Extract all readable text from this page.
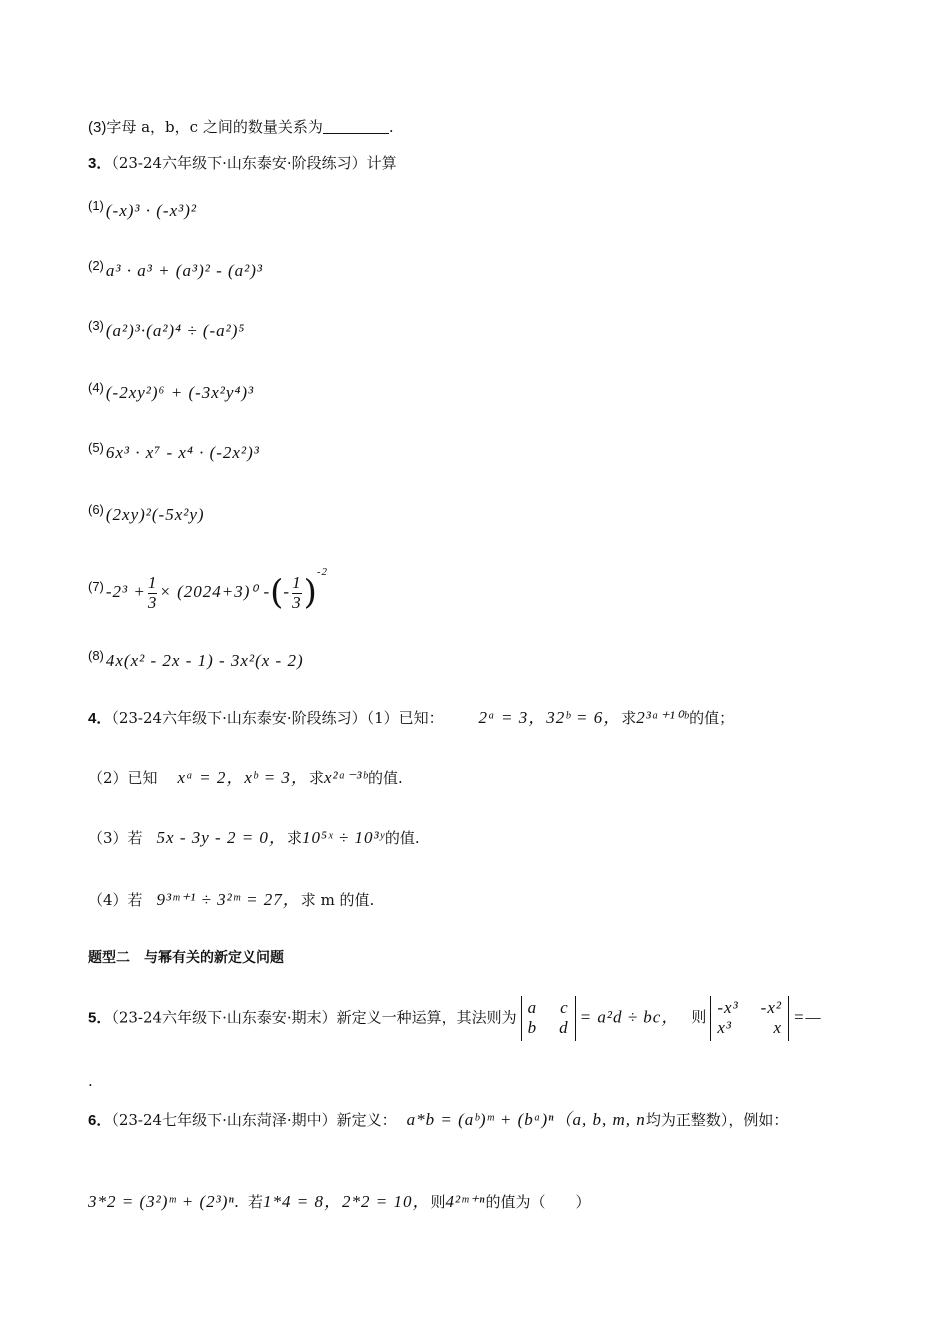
(3)字母 a，b，c 之间的数量关系为	.
3．（23-24六年级下·山东泰安·阶段练习）计算
(1) (-x)³ · (-x³)²
(2) a³ · a³ + (a³)² - (a²)³
(3) (a²)³·(a²)⁴ ÷ (-a²)⁵
(4) (-2xy²)⁶ + (-3x²y⁴)³
(5) 6x³ · x⁷ - x⁴ · (-2x²)³
(6) (2xy)²(-5x²y)
(7) $-2^3 + \frac{1}{3} \times (2024+3)^0$ -(- $\frac{1}{3} )^{-2}$
(8) 4x(x² - 2x - 1) - 3x²(x - 2)
4．（23-24六年级下·山东泰安·阶段练习）（1）已知： 2ᵃ = 3，32ᵇ = 6，求2³ᵃ⁺¹⁰ᵇ的值；
（2）已知 xᵃ = 2，xᵇ = 3，求x²ᵃ⁻³ᵇ的值.
（3）若 5x - 3y - 2 = 0，求10⁵ˣ ÷ 10³ʸ的值.
（4）若 9³ᵐ⁺¹ ÷ 3²ᵐ = 27，求 m 的值.
题型二　与幂有关的新定义问题
5．（23-24六年级下·山东泰安·期末）新定义一种运算，其法则为
a c
b d
= a²d ÷ bc， 则
-x³ -x²
x³ x
=—
.
6．（23-24七年级下·山东菏泽·期中）新定义： a*b = (aᵇ)ᵐ + (bᵃ)ⁿ（a, b, m, n均为正整数），例如：
3*2 = (3²)ᵐ + (2³)ⁿ. 若1*4 = 8，2*2 = 10，则4²ᵐ⁺ⁿ的值为（　　）
